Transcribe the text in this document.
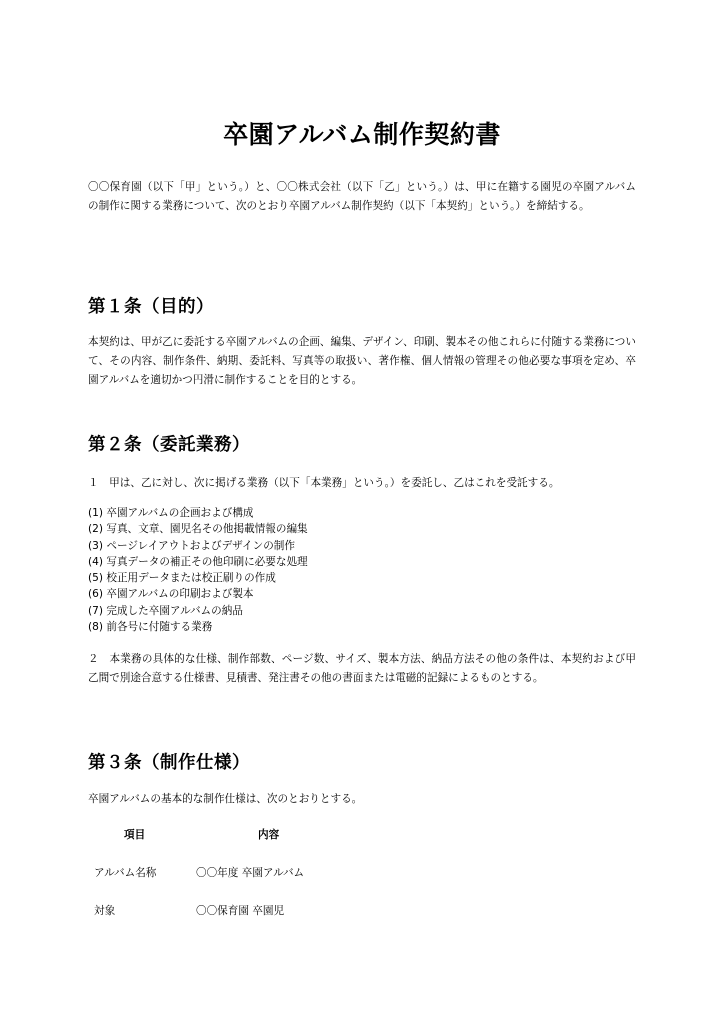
卒園アルバム制作契約書
〇〇保育園（以下「甲」という。）と、〇〇株式会社（以下「乙」という。）は、甲に在籍する園児の卒園アルバムの制作に関する業務について、次のとおり卒園アルバム制作契約（以下「本契約」という。）を締結する。
第１条（目的）
本契約は、甲が乙に委託する卒園アルバムの企画、編集、デザイン、印刷、製本その他これらに付随する業務について、その内容、制作条件、納期、委託料、写真等の取扱い、著作権、個人情報の管理その他必要な事項を定め、卒園アルバムを適切かつ円滑に制作することを目的とする。
第２条（委託業務）
１　甲は、乙に対し、次に掲げる業務（以下「本業務」という。）を委託し、乙はこれを受託する。
(1) 卒園アルバムの企画および構成
(2) 写真、文章、園児名その他掲載情報の編集
(3) ページレイアウトおよびデザインの制作
(4) 写真データの補正その他印刷に必要な処理
(5) 校正用データまたは校正刷りの作成
(6) 卒園アルバムの印刷および製本
(7) 完成した卒園アルバムの納品
(8) 前各号に付随する業務
２　本業務の具体的な仕様、制作部数、ページ数、サイズ、製本方法、納品方法その他の条件は、本契約および甲乙間で別途合意する仕様書、見積書、発注書その他の書面または電磁的記録によるものとする。
第３条（制作仕様）
卒園アルバムの基本的な制作仕様は、次のとおりとする。
項目	内容
アルバム名称	〇〇年度 卒園アルバム
対象	〇〇保育園 卒園児
